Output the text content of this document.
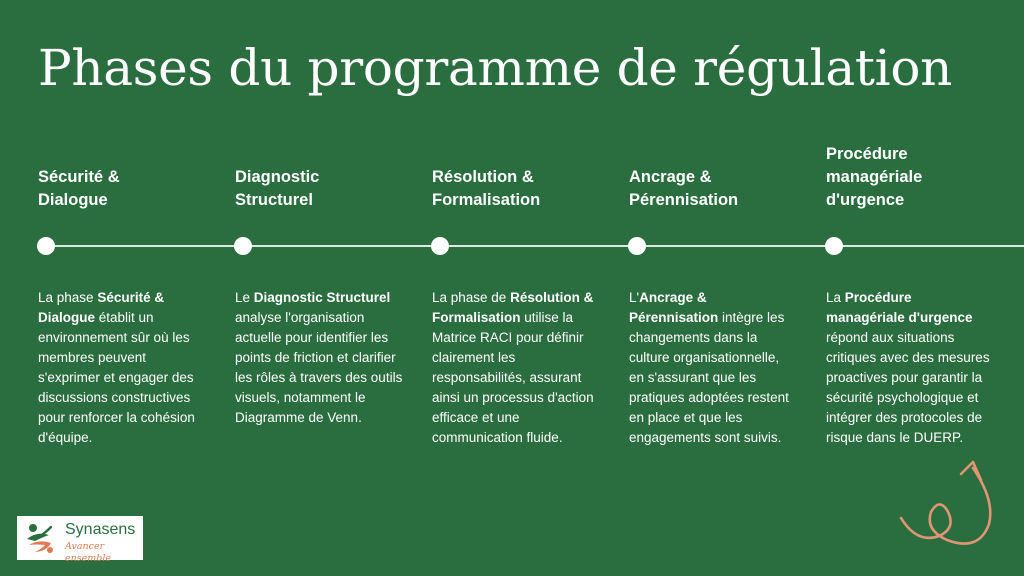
Phases du programme de régulation
Sécurité &
Dialogue
La phase Sécurité & Dialogue établit un environnement sûr où les membres peuvent s'exprimer et engager des discussions constructives pour renforcer la cohésion d'équipe.
Diagnostic
Structurel
Le Diagnostic Structurel analyse l'organisation actuelle pour identifier les points de friction et clarifier les rôles à travers des outils visuels, notamment le Diagramme de Venn.
Résolution &
Formalisation
La phase de Résolution & Formalisation utilise la Matrice RACI pour définir clairement les responsabilités, assurant ainsi un processus d'action efficace et une communication fluide.
Ancrage &
Pérennisation
L'Ancrage & Pérennisation intègre les changements dans la culture organisationnelle, en s'assurant que les pratiques adoptées restent en place et que les engagements sont suivis.
Procédure
managériale
d'urgence
La Procédure managériale d'urgence répond aux situations critiques avec des mesures proactives pour garantir la sécurité psychologique et intégrer des protocoles de risque dans le DUERP.
Synasens
Avancer ensemble
